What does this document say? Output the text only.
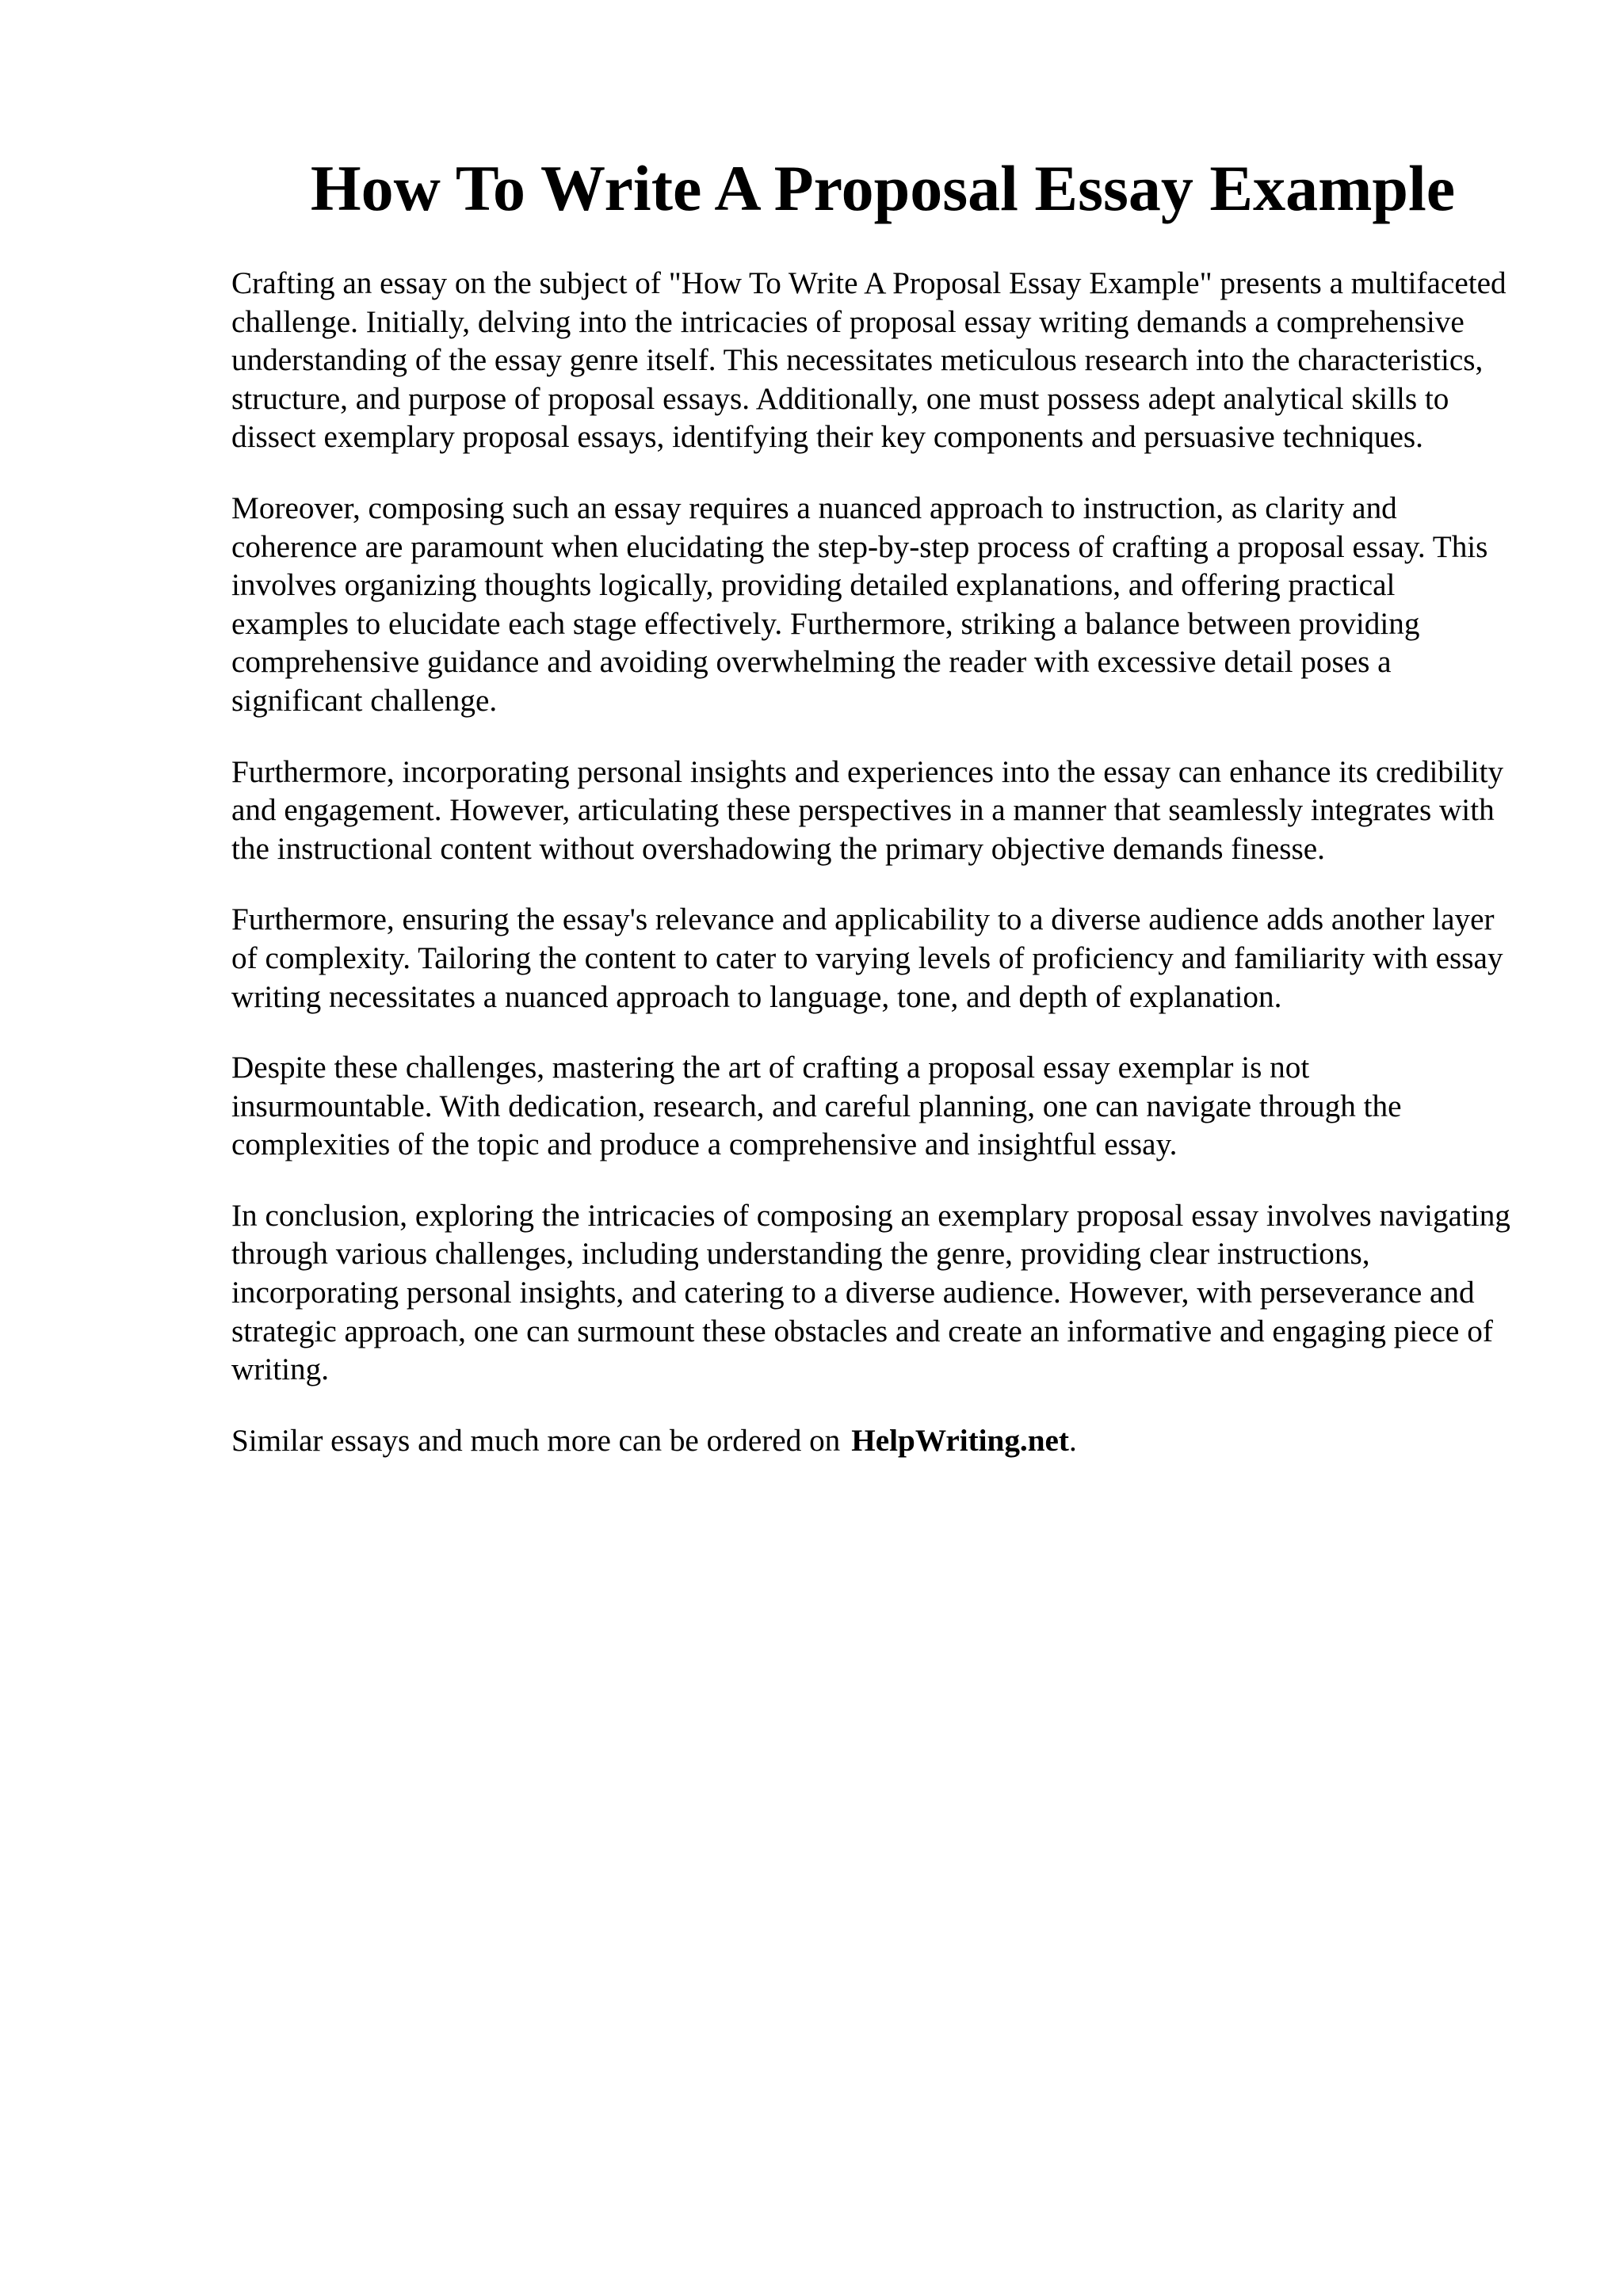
How To Write A Proposal Essay Example

Crafting an essay on the subject of "How To Write A Proposal Essay Example" presents a multifaceted challenge. Initially, delving into the intricacies of proposal essay writing demands a comprehensive understanding of the essay genre itself. This necessitates meticulous research into the characteristics, structure, and purpose of proposal essays. Additionally, one must possess adept analytical skills to dissect exemplary proposal essays, identifying their key components and persuasive techniques.

Moreover, composing such an essay requires a nuanced approach to instruction, as clarity and coherence are paramount when elucidating the step-by-step process of crafting a proposal essay. This involves organizing thoughts logically, providing detailed explanations, and offering practical examples to elucidate each stage effectively. Furthermore, striking a balance between providing comprehensive guidance and avoiding overwhelming the reader with excessive detail poses a significant challenge.

Furthermore, incorporating personal insights and experiences into the essay can enhance its credibility and engagement. However, articulating these perspectives in a manner that seamlessly integrates with the instructional content without overshadowing the primary objective demands finesse.

Furthermore, ensuring the essay's relevance and applicability to a diverse audience adds another layer of complexity. Tailoring the content to cater to varying levels of proficiency and familiarity with essay writing necessitates a nuanced approach to language, tone, and depth of explanation.

Despite these challenges, mastering the art of crafting a proposal essay exemplar is not insurmountable. With dedication, research, and careful planning, one can navigate through the complexities of the topic and produce a comprehensive and insightful essay.

In conclusion, exploring the intricacies of composing an exemplary proposal essay involves navigating through various challenges, including understanding the genre, providing clear instructions, incorporating personal insights, and catering to a diverse audience. However, with perseverance and strategic approach, one can surmount these obstacles and create an informative and engaging piece of writing.

Similar essays and much more can be ordered on HelpWriting.net.
